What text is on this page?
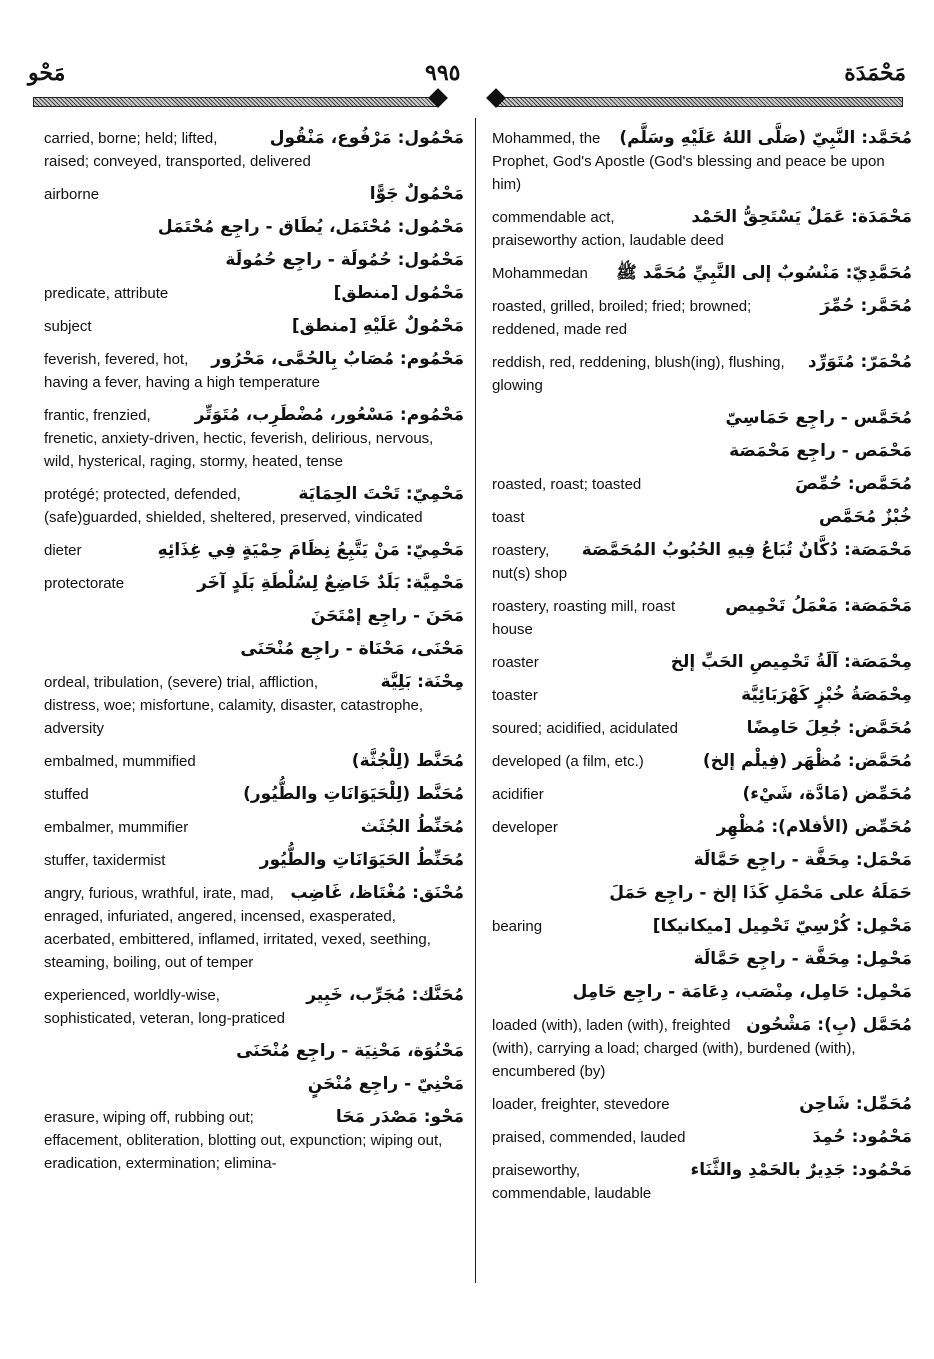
مَحْو	٩٩٥	مَحْمَدَة
مَحْمُول: مَرْفُوع، مَنْقُول
carried, borne; held; lifted, raised; conveyed, transported, delivered
مَحْمُولٌ جَوًّا
airborne
مَحْمُول: مُحْتَمَل، يُطَاق - راجِع مُحْتَمَل
مَحْمُول: حُمُولَة - راجِع حُمُولَة
مَحْمُول [منطق]
predicate, attribute
مَحْمُولٌ عَلَيْهِ [منطق]
subject
مَحْمُوم: مُصَابٌ بِالحُمَّى، مَحْرُور
feverish, fevered, hot, having a fever, having a high temperature
مَحْمُوم: مَسْعُور، مُضْطَرِب، مُتَوَتِّر
frantic, frenzied, frenetic, anxiety-driven, hectic, feverish, delirious, nervous, wild, hysterical, raging, stormy, heated, tense
مَحْمِيّ: تَحْتَ الحِمَايَة
protégé; protected, defended, (safe)guarded, shielded, sheltered, preserved, vindicated
مَحْمِيّ: مَنْ يَتَّبِعُ نِظَامَ حِمْيَةٍ فِي غِذَائِهِ
dieter
مَحْمِيَّة: بَلَدٌ خَاضِعٌ لِسُلْطَةِ بَلَدٍ آخَر
protectorate
مَحَنَ - راجِع إمْتَحَنَ
مَحْنَى، مَحْنَاة - راجِع مُنْحَنَى
مِحْنَة: بَلِيَّة
ordeal, tribulation, (severe) trial, affliction, distress, woe; misfortune, calamity, disaster, catastrophe, adversity
مُحَنَّط (لِلْجُثَّة)
embalmed, mummified
مُحَنَّط (لِلْحَيَوَانَاتِ والطُّيُور)
stuffed
مُحَنِّطُ الجُثَث
embalmer, mummifier
مُحَنِّطُ الحَيَوَانَاتِ والطُّيُور
stuffer, taxidermist
مُحْنَق: مُغْتَاظ، غَاضِب
angry, furious, wrathful, irate, mad, enraged, infuriated, angered, incensed, exasperated, acerbated, embittered, inflamed, irritated, vexed, seething, steaming, boiling, out of temper
مُحَنَّك: مُجَرِّب، خَبِير
experienced, worldly-wise, sophisticated, veteran, long-praticed
مَحْنُوَة، مَحْنِيَة - راجِع مُنْحَنَى
مَحْنِيّ - راجِع مُنْحَنٍ
مَحْو: مَصْدَر مَحَا
erasure, wiping off, rubbing out; effacement, obliteration, blotting out, expunction; wiping out, eradication, extermination; elimina-
مُحَمَّد: النَّبِيّ (صَلَّى اللهُ عَلَيْهِ وسَلَّم)
Mohammed, the Prophet, God's Apostle (God's blessing and peace be upon him)
مَحْمَدَة: عَمَلٌ يَسْتَحِقُّ الحَمْد
commendable act, praiseworthy action, laudable deed
مُحَمَّدِيّ: مَنْسُوبٌ إلى النَّبِيِّ مُحَمَّد ﷺ
Mohammedan
مُحَمَّر: حُمِّرَ
roasted, grilled, broiled; fried; browned; reddened, made red
مُحْمَرّ: مُتَوَرِّد
reddish, red, reddening, blush(ing), flushing, glowing
مُحَمَّس - راجِع حَمَاسِيّ
مَحْمَص - راجِع مَحْمَصَة
مُحَمَّص: حُمِّصَ
roasted, roast; toasted
خُبْزٌ مُحَمَّص
toast
مَحْمَصَة: دُكَّانٌ تُبَاعُ فِيهِ الحُبُوبُ المُحَمَّصَة
roastery, nut(s) shop
مَحْمَصَة: مَعْمَلُ تَحْمِيص
roastery, roasting mill, roast house
مِحْمَصَة: آلَةُ تَحْمِيصِ الحَبِّ إلخ
roaster
مِحْمَصَةُ خُبْزٍ كَهْرَبَائِيَّة
toaster
مُحَمَّض: جُعِلَ حَامِضًا
soured; acidified, acidulated
مُحَمَّض: مُظْهَر (فِيلْم إلخ)
developed (a film, etc.)
مُحَمِّض (مَادَّة، شَيْء)
acidifier
مُحَمِّض (الأفلام): مُظْهِر
developer
مَحْمَل: مِحَفَّة - راجِع حَمَّالَة
حَمَلَهُ على مَحْمَلِ كَذَا إلخ - راجِع حَمَلَ
مَحْمِل: كُرْسِيّ تَحْمِيل [ميكانيكا]
bearing
مَحْمِل: مِحَفَّة - راجِع حَمَّالَة
مَحْمِل: حَامِل، مِنْصَب، دِعَامَة - راجِع حَامِل
مُحَمَّل (بِ): مَشْحُون
loaded (with), laden (with), freighted (with), carrying a load; charged (with), burdened (with), encumbered (by)
مُحَمِّل: شَاحِن
loader, freighter, stevedore
مَحْمُود: حُمِدَ
praised, commended, lauded
مَحْمُود: جَدِيرٌ بالحَمْدِ والثَّنَاء
praiseworthy, commendable, laudable
